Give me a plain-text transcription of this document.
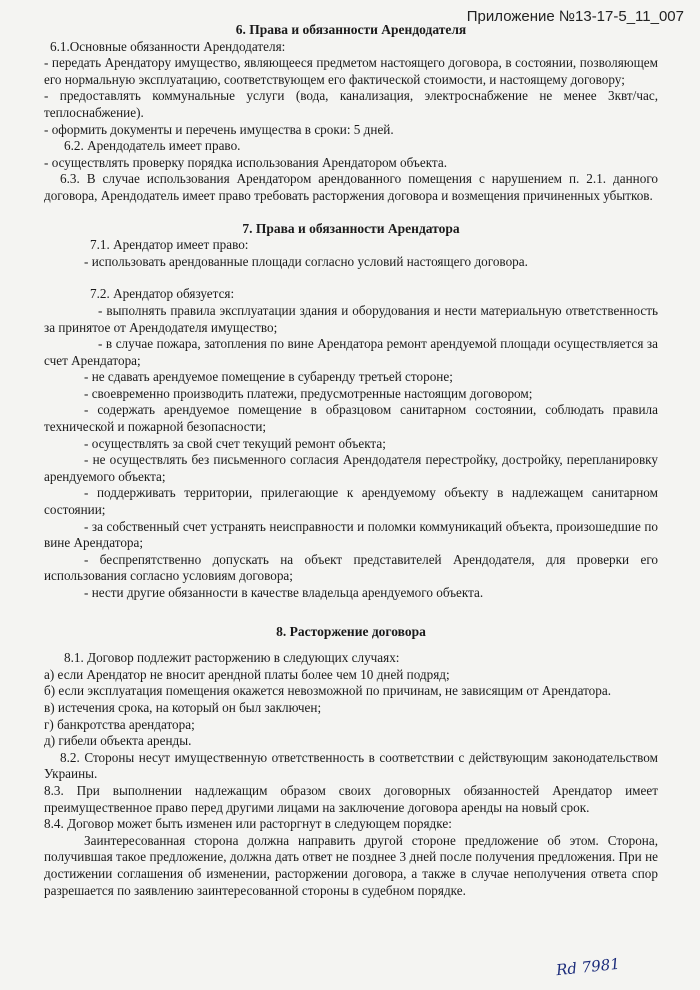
Приложение №13-17-5_11_007

6. Права и обязанности Арендодателя

6.1.Основные обязанности Арендодателя:

- передать Арендатору имущество, являющееся предметом настоящего договора, в состоянии, позволяющем его нормальную эксплуатацию, соответствующем его фактической стоимости, и настоящему договору;

- предоставлять коммунальные услуги (вода, канализация, электроснабжение не менее 3квт/час, теплоснабжение).

- оформить документы и перечень имущества в сроки: 5 дней.

6.2. Арендодатель имеет право.

- осуществлять проверку порядка использования Арендатором объекта.

6.3. В случае использования Арендатором арендованного помещения с нарушением п. 2.1. данного договора, Арендодатель имеет право требовать расторжения договора и возмещения причиненных убытков.

7. Права и обязанности Арендатора

7.1. Арендатор имеет право:

- использовать арендованные площади согласно условий настоящего договора.

7.2. Арендатор обязуется:

- выполнять правила эксплуатации здания и оборудования и нести материальную ответственность за принятое от Арендодателя имущество;

- в случае пожара, затопления по вине Арендатора ремонт арендуемой площади осуществляется за счет Арендатора;

- не сдавать арендуемое помещение в субаренду третьей стороне;

- своевременно производить платежи, предусмотренные настоящим договором;

- содержать арендуемое помещение в образцовом санитарном состоянии, соблюдать правила технической и пожарной безопасности;

- осуществлять за свой счет текущий ремонт объекта;

- не осуществлять без письменного согласия Арендодателя перестройку, достройку, перепланировку арендуемого объекта;

- поддерживать территории, прилегающие к арендуемому объекту в надлежащем санитарном состоянии;

- за собственный счет устранять неисправности и поломки коммуникаций объекта, произошедшие по вине Арендатора;

- беспрепятственно допускать на объект представителей Арендодателя, для проверки его использования согласно условиям договора;

- нести другие обязанности в качестве владельца арендуемого объекта.

8. Расторжение договора

8.1. Договор подлежит расторжению в следующих случаях:

а) если Арендатор не вносит арендной платы более чем 10 дней подряд;

б) если эксплуатация помещения окажется невозможной по причинам, не зависящим от Арендатора.

в) истечения срока, на который он был заключен;

г) банкротства арендатора;

д) гибели объекта аренды.

8.2. Стороны несут имущественную ответственность в соответствии с действующим законодательством Украины.

8.3. При выполнении надлежащим образом своих договорных обязанностей Арендатор имеет преимущественное право перед другими лицами на заключение договора аренды на новый срок.

8.4. Договор может быть изменен или расторгнут в следующем порядке:

Заинтересованная сторона должна направить другой стороне предложение об этом. Сторона, получившая такое предложение, должна дать ответ не позднее 3 дней после получения предложения. При не достижении соглашения об изменении, расторжении договора, а также в случае неполучения ответа спор разрешается по заявлению заинтересованной стороны в судебном порядке.

Rd 7981
